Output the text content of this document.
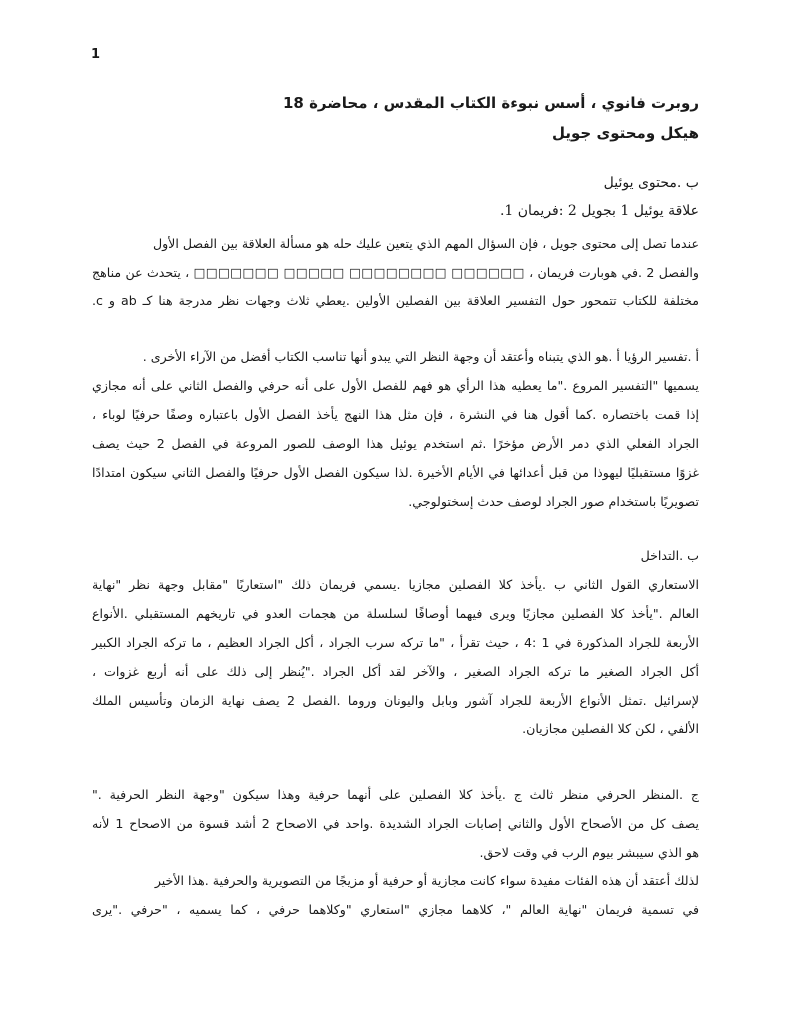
1
روبرت فانوي ، أسس نبوءة الكتاب المقدس ، محاضرة 18
هيكل ومحتوى جويل
ب .محتوى يوئيل
علاقة يوئيل 1 بجويل 2 :فريمان 1.
عندما تصل إلى محتوى جويل ، فإن السؤال المهم الذي يتعين عليك حله هو مسألة العلاقة بين الفصل الأول
والفصل 2 .في هوبارت فريمان ، □□□□□□ □□□□□□□□ □□□□□ □□□□□□□ ، يتحدث عن مناهج
مختلفة للكتاب تتمحور حول التفسير العلاقة بين الفصلين الأولين .يعطي ثلاث وجهات نظر مدرجة هنا كـ ab و c.
أ .تفسير الرؤيا أ .هو الذي يتبناه وأعتقد أن وجهة النظر التي يبدو أنها تناسب الكتاب أفضل من الآراء الأخرى .
يسميها "التفسير المروع ."ما يعطيه هذا الرأي هو فهم للفصل الأول على أنه حرفي والفصل الثاني على أنه مجازي
إذا قمت باختصاره .كما أقول هنا في النشرة ، فإن مثل هذا النهج يأخذ الفصل الأول باعتباره وصفًا حرفيًا لوباء ،
الجراد الفعلي الذي دمر الأرض مؤخرًا .ثم استخدم يوئيل هذا الوصف للصور المروعة في الفصل 2 حيث يصف
غزوًا مستقبليًا ليهوذا من قبل أعدائها في الأيام الأخيرة .لذا سيكون الفصل الأول حرفيًا والفصل الثاني سيكون امتدادًا
تصويريًا باستخدام صور الجراد لوصف حدث إسختولوجي.
ب .التداخل
الاستعاري القول الثاني ب .يأخذ كلا الفصلين مجازيا .يسمي فريمان ذلك "استعاريًا "مقابل وجهة نظر "نهاية
العالم ."يأخذ كلا الفصلين مجازيًا ويرى فيهما أوصافًا لسلسلة من هجمات العدو في تاريخهم المستقبلي .الأنواع
الأربعة للجراد المذكورة في 1 :4 ، حيث تقرأ ، "ما تركه سرب الجراد ، أكل الجراد العظيم ، ما تركه الجراد الكبير
أكل الجراد الصغير ما تركه الجراد الصغير ، والآخر لقد أكل الجراد ."يُنظر إلى ذلك على أنه أربع غزوات ،
لإسرائيل .تمثل الأنواع الأربعة للجراد آشور وبابل واليونان وروما .الفصل 2 يصف نهاية الزمان وتأسيس الملك
الألفي ، لكن كلا الفصلين مجازيان.
ج .المنظر الحرفي منظر ثالث ج .يأخذ كلا الفصلين على أنهما حرفية وهذا سيكون "وجهة النظر الحرفية ."
يصف كل من الأصحاح الأول والثاني إصابات الجراد الشديدة .واحد في الاصحاح 2 أشد قسوة من الاصحاح 1 لأنه
هو الذي سيبشر بيوم الرب في وقت لاحق.
لذلك أعتقد أن هذه الفئات مفيدة سواء كانت مجازية أو حرفية أو مزيجًا من التصويرية والحرفية .هذا الأخير
في تسمية فريمان "نهاية العالم "، كلاهما مجازي "استعاري "وكلاهما حرفي ، كما يسميه ، "حرفي ."يرى
